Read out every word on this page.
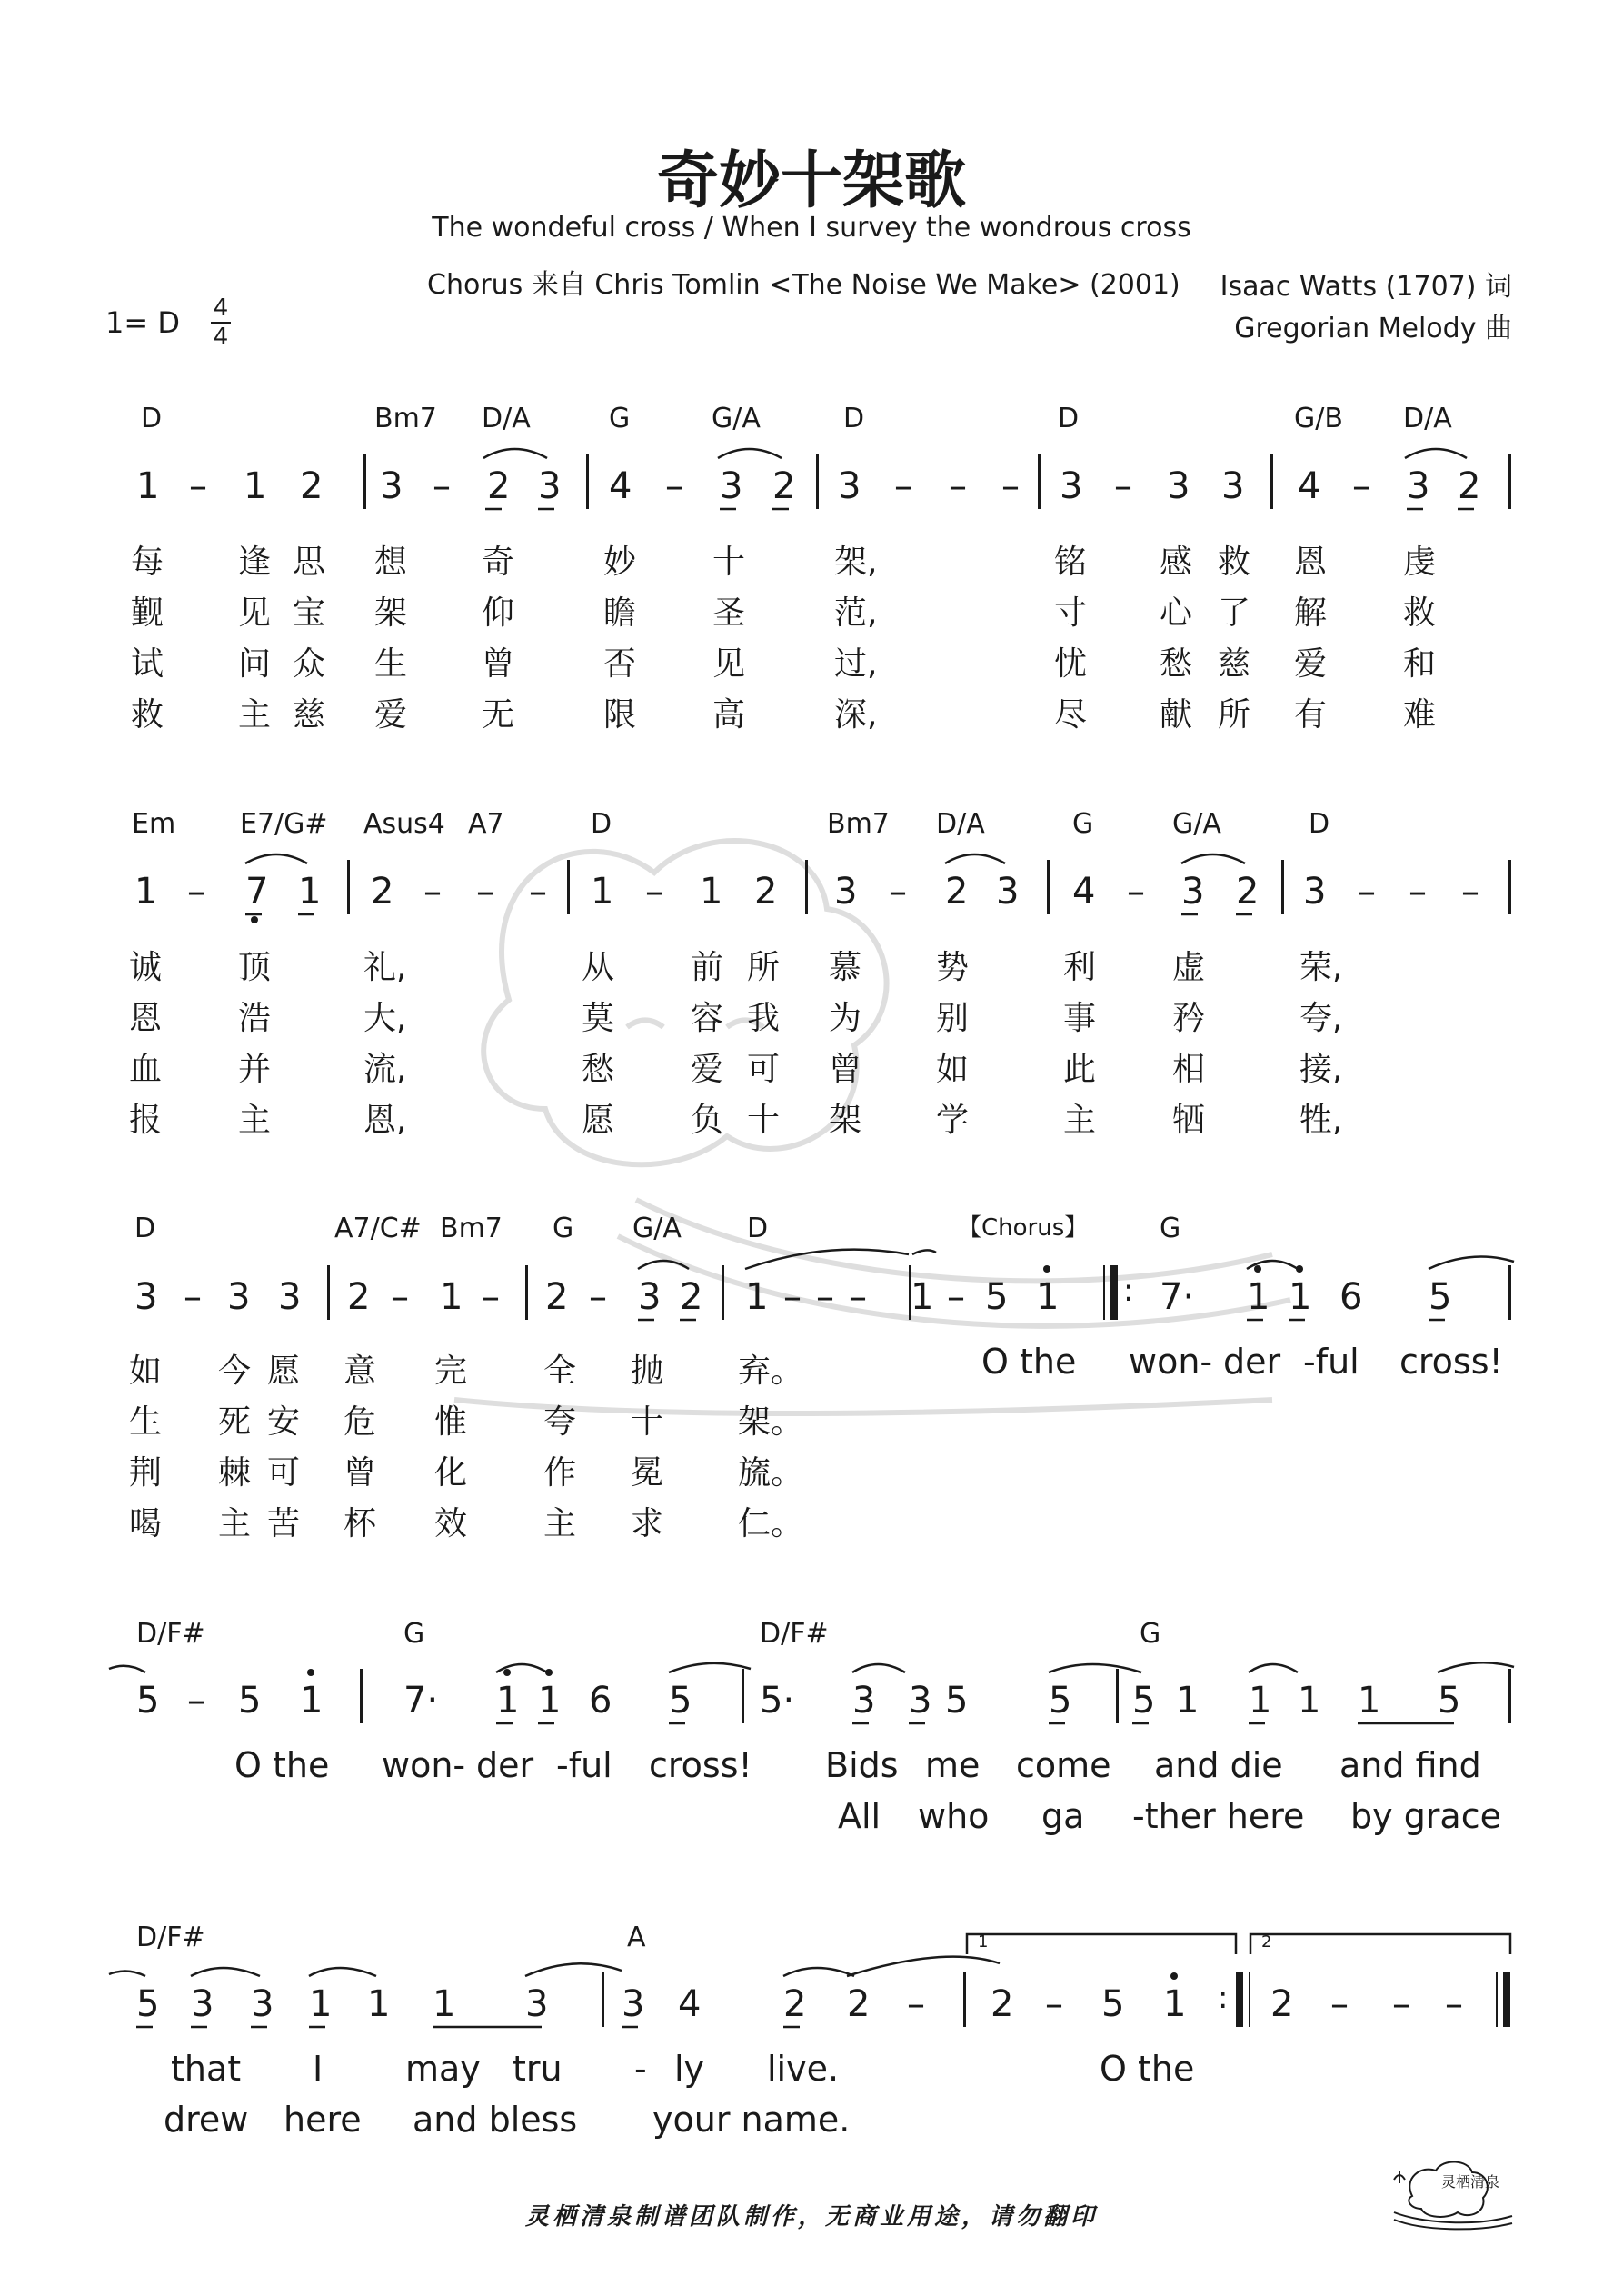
奇妙十架歌
The wondeful cross / When I survey the wondrous cross
Chorus 来自 Chris Tomlin <The Noise We Make> (2001) Isaac Watts (1707) 词
Gregorian Melody 曲
1= D 4
4
D	Bm7 D/A	G	G/A	D	D	G/B D/A
1 – 1 2 3 – 2 3 4 – 3 2 3 – – – 3 – 3 3 4 – 3 2
每 逢 思 想 奇	妙 十	架,	铭 感 救 恩 虔
觐 见 宝 架 仰	瞻 圣	范,	寸 心 了 解 救
试 问 众 生 曾	否 见	过,	忧 愁 慈 爱 和
救 主 慈 爱 无	限 高	深,	尽 献 所 有 难
Em E7/G# Asus4 A7	D	Bm7 D/A	G	G/A	D
1 – 7 1 2 – – – 1 – 1 2 3 – 2 3 4 – 3 2 3 – – –
诚 顶	礼,	从 前 所 慕 势	利 虚	荣,
恩 浩	大,	莫 容 我 为 别	事 矜	夸,
血 并	流,	愁 爱 可 曾 如	此 相	接,
报 主	恩,	愿 负 十 架 学	主 牺	牲,
D	A7/C# Bm7 G G/A D	【Chorus】	G
3 – 3 3 2 – 1 – 2 – 3 2 1 – – – 1 – 5 1 : 7· 1 1 6 5
如 今 愿 意 完 全 抛 弃。
生 死 安 危 惟 夸 十 架。
荆 棘 可 曾 化 作 冕 旒。
喝 主 苦 杯 效 主 求 仁。
O the won- der -ful cross!
D/F#	G	D/F#	G
5 – 5 1 7· 1 1 6 5 5· 3 3 5 5 5 1 1 1 1 5
O the won- der -ful cross! Bids me come and die and find
All who ga -ther here by grace
D/F#	A	1	2
5 3 3 1 1 1 3 3 4 2 2 – 2 – 5 1 : 2 – – –
that I may tru - ly live.	O the
drew here and bless your name.
灵栖清泉制谱团队制作，无商业用途，请勿翻印
灵栖清泉
